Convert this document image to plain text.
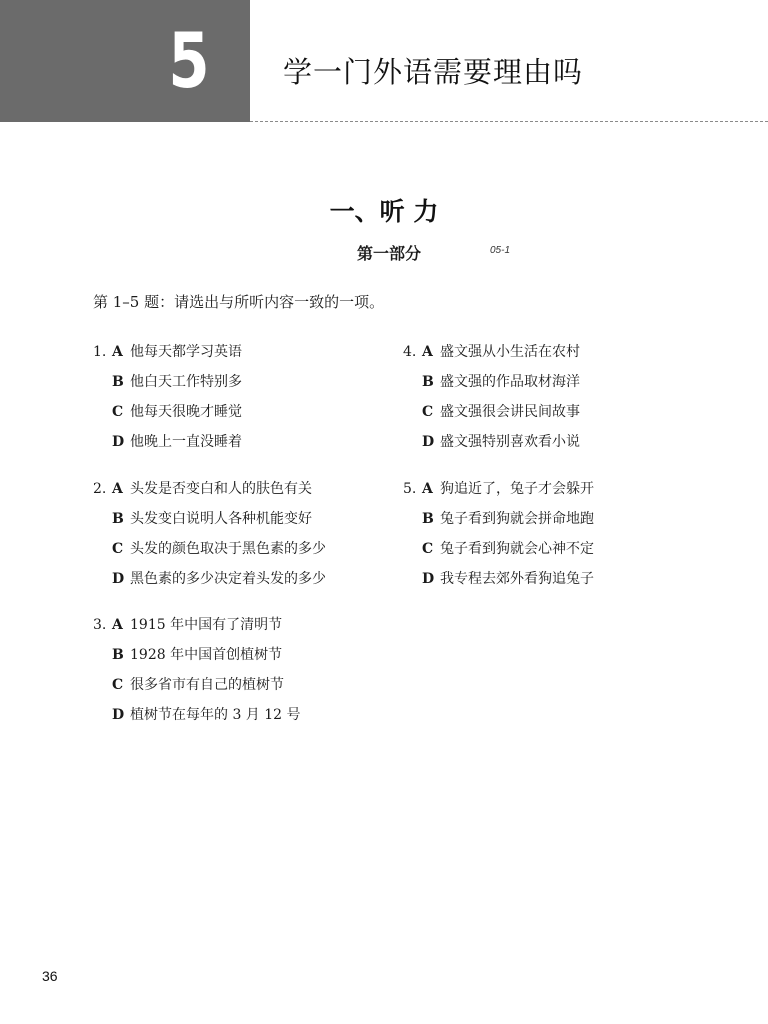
5	学一门外语需要理由吗
一、听 力
第一部分	05-1

第 1–5 题：请选出与所听内容一致的一项。

1. A 他每天都学习英语
B 他白天工作特别多
C 他每天很晚才睡觉
D 他晚上一直没睡着
2. A 头发是否变白和人的肤色有关
B 头发变白说明人各种机能变好
C 头发的颜色取决于黑色素的多少
D 黑色素的多少决定着头发的多少
3. A 1915 年中国有了清明节
B 1928 年中国首创植树节
C 很多省市有自己的植树节
D 植树节在每年的 3 月 12 号
4. A 盛文强从小生活在农村
B 盛文强的作品取材海洋
C 盛文强很会讲民间故事
D 盛文强特别喜欢看小说
5. A 狗追近了，兔子才会躲开
B 兔子看到狗就会拼命地跑
C 兔子看到狗就会心神不定
D 我专程去郊外看狗追兔子
36
